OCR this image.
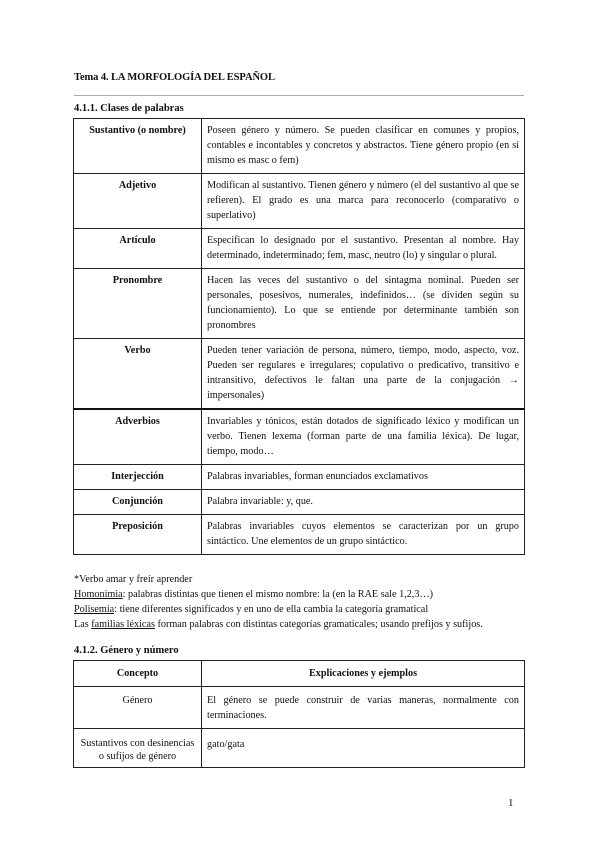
Tema 4. LA MORFOLOGÍA DEL ESPAÑOL
4.1.1. Clases de palabras
Sustantivo (o nombre)	Poseen género y número. Se pueden clasificar en comunes y propios, contables e incontables y concretos y abstractos. Tiene género propio (en sí mismo es masc o fem)
Adjetivo	Modifican al sustantivo. Tienen género y número (el del sustantivo al que se refieren). El grado es una marca para reconocerlo (comparativo o superlativo)
Artículo	Especifican lo designado por el sustantivo. Presentan al nombre. Hay determinado, indeterminado; fem, masc, neutro (lo) y singular o plural.
Pronombre	Hacen las veces del sustantivo o del sintagma nominal. Pueden ser personales, posesivos, numerales, indefinidos… (se dividen según su funcionamiento). Lo que se entiende por determinante también son pronombres
Verbo	Pueden tener variación de persona, número, tiempo, modo, aspecto, voz. Pueden ser regulares e irregulares; copulativo o predicativo, transitivo e intransitivo, defectivos le faltan una parte de la conjugación → impersonales)
Adverbios	Invariables y tónicos, están dotados de significado léxico y modifican un verbo. Tienen lexema (forman parte de una familia léxica). De lugar, tiempo, modo…
Interjección	Palabras invariables, forman enunciados exclamativos
Conjunción	Palabra invariable: y, que.
Preposición	Palabras invariables cuyos elementos se caracterizan por un grupo sintáctico. Une elementos de un grupo sintáctico.
*Verbo amar y freír aprender
Homonimia: palabras distintas que tienen el mismo nombre: la (en la RAE sale 1,2,3…)
Polisemia: tiene diferentes significados y en uno de ella cambia la categoría gramatical
Las familias léxicas forman palabras con distintas categorías gramaticales; usando prefijos y sufijos.
4.1.2. Género y número
Concepto	Explicaciones y ejemplos
Género	El género se puede construir de varias maneras, normalmente con terminaciones.
Sustantivos con desinencias o sufijos de género	gato/gata
1
